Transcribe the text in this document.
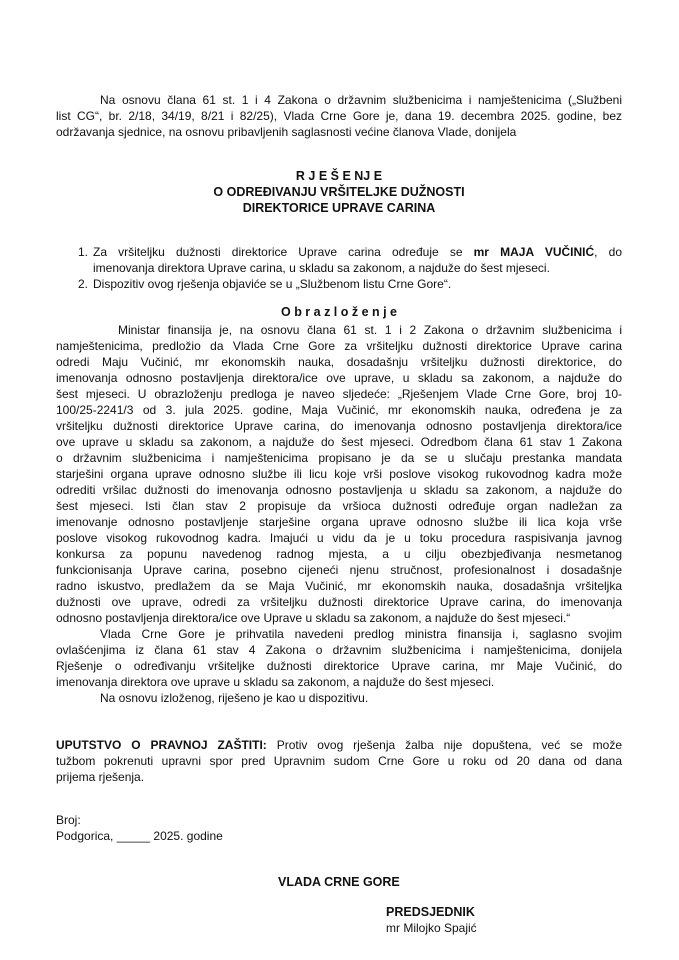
Na osnovu člana 61 st. 1 i 4 Zakona o državnim službenicima i namještenicima („Službeni
list CG“, br. 2/18, 34/19, 8/21 i 82/25), Vlada Crne Gore je, dana 19. decembra 2025. godine, bez
održavanja sjednice, na osnovu pribavljenih saglasnosti većine članova Vlade, donijela
R J E Š E NJ E
O ODREĐIVANJU VRŠITELJKE DUŽNOSTI
DIREKTORICE UPRAVE CARINA
1. Za vršiteljku dužnosti direktorice Uprave carina određuje se mr MAJA VUČINIĆ, do
imenovanja direktora Uprave carina, u skladu sa zakonom, a najduže do šest mjeseci.
2. Dispozitiv ovog rješenja objaviće se u „Službenom listu Crne Gore“.
O b r a z l o ž e n j e
Ministar finansija je, na osnovu člana 61 st. 1 i 2 Zakona o državnim službenicima i
namještenicima, predložio da Vlada Crne Gore za vršiteljku dužnosti direktorice Uprave carina
odredi Maju Vučinić, mr ekonomskih nauka, dosadašnju vršiteljku dužnosti direktorice, do
imenovanja odnosno postavljenja direktora/ice ove uprave, u skladu sa zakonom, a najduže do
šest mjeseci. U obrazloženju predloga je naveo sljedeće: „Rješenjem Vlade Crne Gore, broj 10-
100/25-2241/3 od 3. jula 2025. godine, Maja Vučinić, mr ekonomskih nauka, određena je za
vršiteljku dužnosti direktorice Uprave carina, do imenovanja odnosno postavljenja direktora/ice
ove uprave u skladu sa zakonom, a najduže do šest mjeseci. Odredbom člana 61 stav 1 Zakona
o državnim službenicima i namještenicima propisano je da se u slučaju prestanka mandata
starješini organa uprave odnosno službe ili licu koje vrši poslove visokog rukovodnog kadra može
odrediti vršilac dužnosti do imenovanja odnosno postavljenja u skladu sa zakonom, a najduže do
šest mjeseci. Isti član stav 2 propisuje da vršioca dužnosti određuje organ nadležan za
imenovanje odnosno postavljenje starješine organa uprave odnosno službe ili lica koja vrše
poslove visokog rukovodnog kadra. Imajući u vidu da je u toku procedura raspisivanja javnog
konkursa za popunu navedenog radnog mjesta, a u cilju obezbjeđivanja nesmetanog
funkcionisanja Uprave carina, posebno cijeneći njenu stručnost, profesionalnost i dosadašnje
radno iskustvo, predlažem da se Maja Vučinić, mr ekonomskih nauka, dosadašnja vršiteljka
dužnosti ove uprave, odredi za vršiteljku dužnosti direktorice Uprave carina, do imenovanja
odnosno postavljenja direktora/ice ove Uprave u skladu sa zakonom, a najduže do šest mjeseci.“
Vlada Crne Gore je prihvatila navedeni predlog ministra finansija i, saglasno svojim
ovlašćenjima iz člana 61 stav 4 Zakona o državnim službenicima i namještenicima, donijela
Rješenje o određivanju vršiteljke dužnosti direktorice Uprave carina, mr Maje Vučinić, do
imenovanja direktora ove uprave u skladu sa zakonom, a najduže do šest mjeseci.
Na osnovu izloženog, riješeno je kao u dispozitivu.
UPUTSTVO O PRAVNOJ ZAŠTITI: Protiv ovog rješenja žalba nije dopuštena, već se može
tužbom pokrenuti upravni spor pred Upravnim sudom Crne Gore u roku od 20 dana od dana
prijema rješenja.
Broj:
Podgorica, _____ 2025. godine
VLADA CRNE GORE
PREDSJEDNIK
mr Milojko Spajić
